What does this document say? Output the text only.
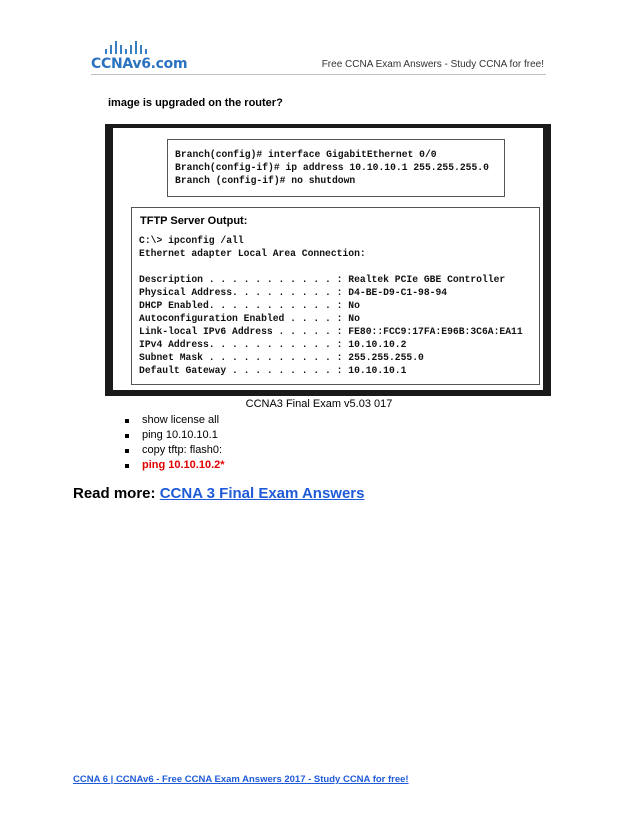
CCNAv6.com	Free CCNA Exam Answers - Study CCNA for free!
image is upgraded on the router?
Branch(config)# interface GigabitEthernet 0/0
Branch(config-if)# ip address 10.10.10.1 255.255.255.0
Branch (config-if)# no shutdown
TFTP Server Output:
C:\> ipconfig /all
Ethernet adapter Local Area Connection:

Description . . . . . . . . . . . : Realtek PCIe GBE Controller
Physical Address. . . . . . . . . : D4-BE-D9-C1-98-94
DHCP Enabled. . . . . . . . . . . : No
Autoconfiguration Enabled . . . . : No
Link-local IPv6 Address . . . . . : FE80::FCC9:17FA:E96B:3C6A:EA11
IPv4 Address. . . . . . . . . . . : 10.10.10.2
Subnet Mask . . . . . . . . . . . : 255.255.255.0
Default Gateway . . . . . . . . . : 10.10.10.1
CCNA3 Final Exam v5.03 017
show license all
ping 10.10.10.1
copy tftp: flash0:
ping 10.10.10.2*
Read more: CCNA 3 Final Exam Answers
CCNA 6 | CCNAv6 - Free CCNA Exam Answers 2017 - Study CCNA for free!
